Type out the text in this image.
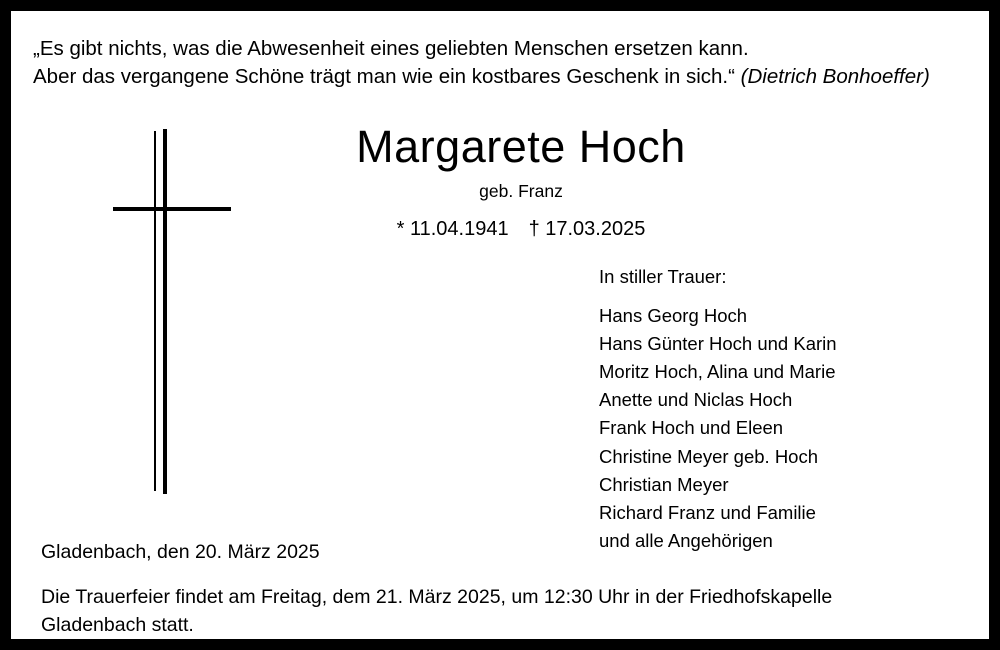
„Es gibt nichts, was die Abwesenheit eines geliebten Menschen ersetzen kann.
Aber das vergangene Schöne trägt man wie ein kostbares Geschenk in sich.“ (Dietrich Bonhoeffer)
Margarete Hoch
geb. Franz
* 11.04.1941 † 17.03.2025
In stiller Trauer:
Hans Georg Hoch
Hans Günter Hoch und Karin
Moritz Hoch, Alina und Marie
Anette und Niclas Hoch
Frank Hoch und Eleen
Christine Meyer geb. Hoch
Christian Meyer
Richard Franz und Familie
und alle Angehörigen
Gladenbach, den 20. März 2025
Die Trauerfeier findet am Freitag, dem 21. März 2025, um 12:30 Uhr in der Friedhofskapelle
Gladenbach statt.
